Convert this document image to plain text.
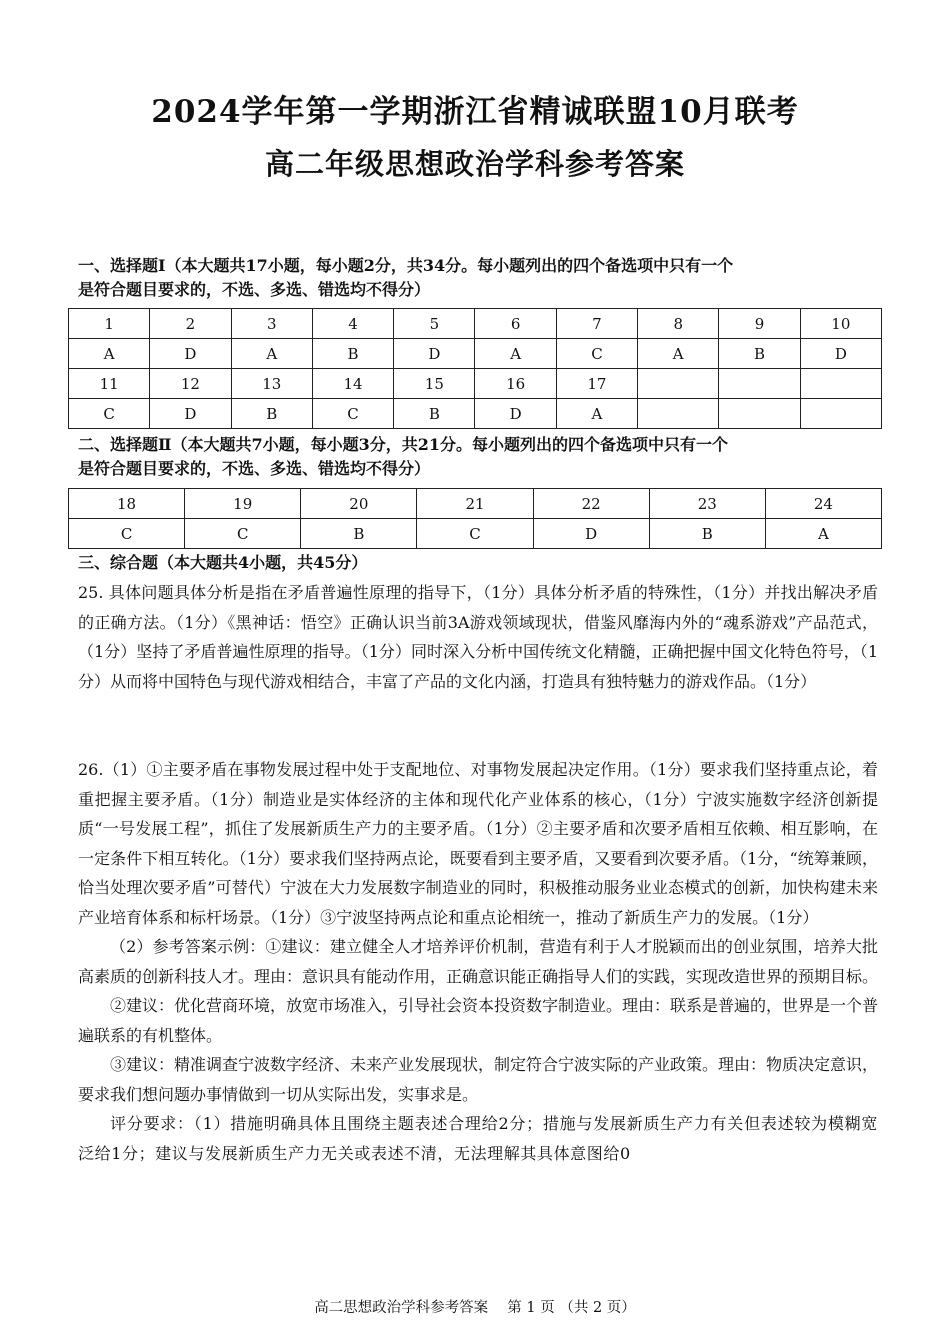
2024学年第一学期浙江省精诚联盟10月联考
高二年级思想政治学科参考答案
一、选择题Ⅰ（本大题共17小题，每小题2分，共34分。每小题列出的四个备选项中只有一个
是符合题目要求的，不选、多选、错选均不得分）
1	2	3	4	5	6	7	8	9	10
A	D	A	B	D	A	C	A	B	D
11	12	13	14	15	16	17			
C	D	B	C	B	D	A			
二、选择题Ⅱ（本大题共7小题，每小题3分，共21分。每小题列出的四个备选项中只有一个
是符合题目要求的，不选、多选、错选均不得分）
18	19	20	21	22	23	24
C	C	B	C	D	B	A
三、综合题（本大题共4小题，共45分）

25. 具体问题具体分析是指在矛盾普遍性原理的指导下，（1分）具体分析矛盾的特殊性，（1分）并找出解决矛盾的正确方法。（1分）《黑神话：悟空》正确认识当前3A游戏领域现状，借鉴风靡海内外的“魂系游戏”产品范式，（1分）坚持了矛盾普遍性原理的指导。（1分）同时深入分析中国传统文化精髓，正确把握中国文化特色符号，（1分）从而将中国特色与现代游戏相结合，丰富了产品的文化内涵，打造具有独特魅力的游戏作品。（1分）

26.（1）①主要矛盾在事物发展过程中处于支配地位、对事物发展起决定作用。（1分）要求我们坚持重点论，着重把握主要矛盾。（1分）制造业是实体经济的主体和现代化产业体系的核心，（1分）宁波实施数字经济创新提质“一号发展工程”，抓住了发展新质生产力的主要矛盾。（1分）②主要矛盾和次要矛盾相互依赖、相互影响，在一定条件下相互转化。（1分）要求我们坚持两点论，既要看到主要矛盾，又要看到次要矛盾。（1分，“统筹兼顾，恰当处理次要矛盾”可替代）宁波在大力发展数字制造业的同时，积极推动服务业业态模式的创新，加快构建未来产业培育体系和标杆场景。（1分）③宁波坚持两点论和重点论相统一，推动了新质生产力的发展。（1分）

（2）参考答案示例：①建议：建立健全人才培养评价机制，营造有利于人才脱颖而出的创业氛围，培养大批高素质的创新科技人才。理由：意识具有能动作用，正确意识能正确指导人们的实践，实现改造世界的预期目标。

②建议：优化营商环境，放宽市场准入，引导社会资本投资数字制造业。理由：联系是普遍的，世界是一个普遍联系的有机整体。

③建议：精准调查宁波数字经济、未来产业发展现状，制定符合宁波实际的产业政策。理由：物质决定意识，要求我们想问题办事情做到一切从实际出发，实事求是。

评分要求：（1）措施明确具体且围绕主题表述合理给2分；措施与发展新质生产力有关但表述较为模糊宽泛给1分；建议与发展新质生产力无关或表述不清，无法理解其具体意图给0

高二思想政治学科参考答案　 第 1 页 （共 2 页）
